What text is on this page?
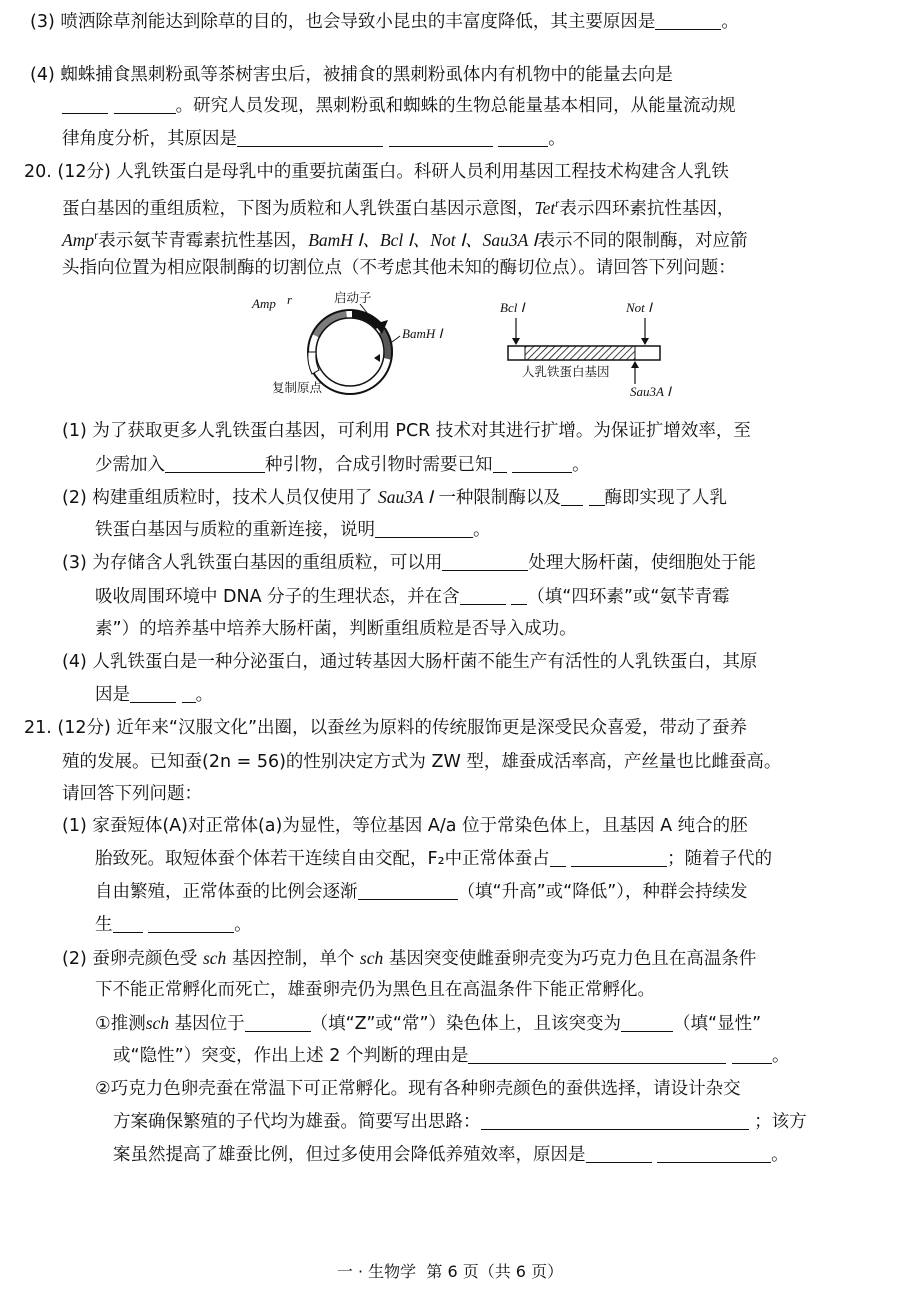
(3) 喷洒除草剂能达到除草的目的，也会导致小昆虫的丰富度降低，其主要原因是	。
(4) 蜘蛛捕食黑刺粉虱等茶树害虫后，被捕食的黑刺粉虱体内有机物中的能量去向是
。研究人员发现，黑刺粉虱和蜘蛛的生物总能量基本相同，从能量流动规
律角度分析，其原因是	。
20. (12分) 人乳铁蛋白是母乳中的重要抗菌蛋白。科研人员利用基因工程技术构建含人乳铁
蛋白基因的重组质粒，下图为质粒和人乳铁蛋白基因示意图，Tet$^r$表示四环素抗性基因，
Amp$^r$表示氨苄青霉素抗性基因，BamH Ⅰ、Bcl Ⅰ、Not Ⅰ、Sau3A Ⅰ表示不同的限制酶，对应箭
头指向位置为相应限制酶的切割位点（不考虑其他未知的酶切位点）。请回答下列问题：
Amp r	启动子
BamH Ⅰ
复制原点
Bcl Ⅰ	Not Ⅰ
人乳铁蛋白基因
Sau3A Ⅰ
(1) 为了获取更多人乳铁蛋白基因，可利用 PCR 技术对其进行扩增。为保证扩增效率，至
少需加入	种引物，合成引物时需要已知	。
(2) 构建重组质粒时，技术人员仅使用了 Sau3A Ⅰ 一种限制酶以及 酶即实现了人乳
铁蛋白基因与质粒的重新连接，说明	。
(3) 为存储含人乳铁蛋白基因的重组质粒，可以用	处理大肠杆菌，使细胞处于能
吸收周围环境中 DNA 分子的生理状态，并在含	（填“四环素”或“氨苄青霉
素”）的培养基中培养大肠杆菌，判断重组质粒是否导入成功。
(4) 人乳铁蛋白是一种分泌蛋白，通过转基因大肠杆菌不能生产有活性的人乳铁蛋白，其原
因是	。
21. (12分) 近年来“汉服文化”出圈，以蚕丝为原料的传统服饰更是深受民众喜爱，带动了蚕养
殖的发展。已知蚕(2n = 56)的性别决定方式为 ZW 型，雄蚕成活率高，产丝量也比雌蚕高。
请回答下列问题：
(1) 家蚕短体(A)对正常体(a)为显性，等位基因 A/a 位于常染色体上，且基因 A 纯合的胚
胎致死。取短体蚕个体若干连续自由交配，F₂中正常体蚕占	；随着子代的
自由繁殖，正常体蚕的比例会逐渐	（填“升高”或“降低”），种群会持续发
生	。
(2) 蚕卵壳颜色受 sch 基因控制，单个 sch 基因突变使雌蚕卵壳变为巧克力色且在高温条件
下不能正常孵化而死亡，雄蚕卵壳仍为黑色且在高温条件下能正常孵化。
①推测sch 基因位于	（填“Z”或“常”）染色体上，且该突变为	（填“显性”
或“隐性”）突变，作出上述 2 个判断的理由是	。
②巧克力色卵壳蚕在常温下可正常孵化。现有各种卵壳颜色的蚕供选择，请设计杂交
方案确保繁殖的子代均为雄蚕。简要写出思路：	；该方
案虽然提高了雄蚕比例，但过多使用会降低养殖效率，原因是	。
一 · 生物学 第 6 页（共 6 页）
